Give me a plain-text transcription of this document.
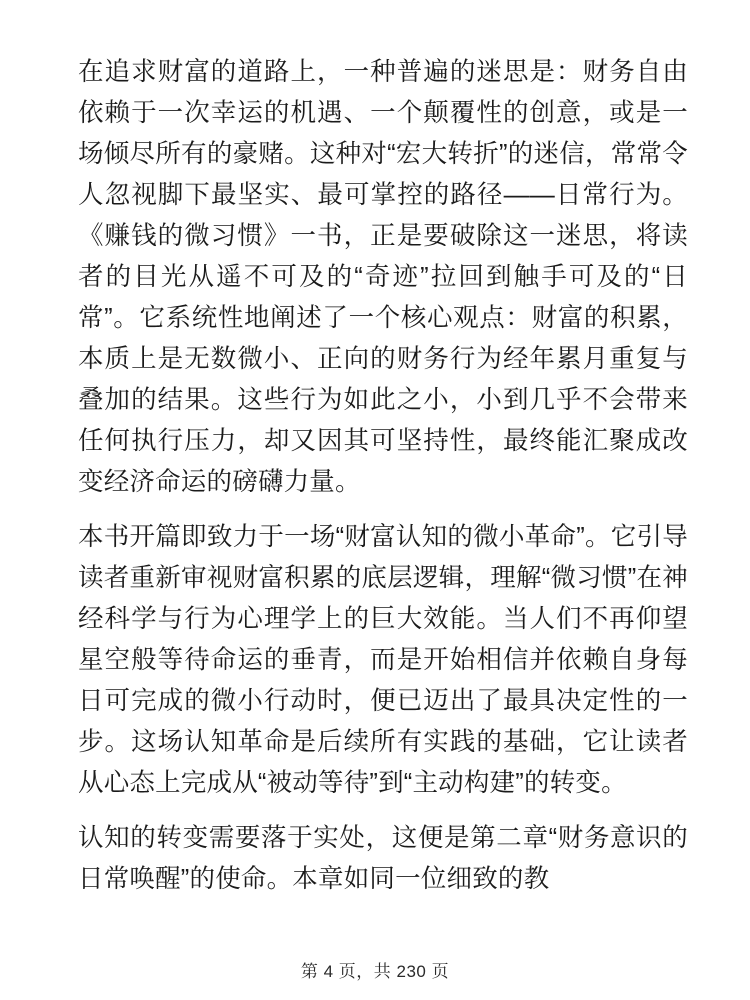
在追求财富的道路上，一种普遍的迷思是：财务自由依赖于一次幸运的机遇、一个颠覆性的创意，或是一场倾尽所有的豪赌。这种对“宏大转折”的迷信，常常令人忽视脚下最坚实、最可掌控的路径——日常行为。《赚钱的微习惯》一书，正是要破除这一迷思，将读者的目光从遥不可及的“奇迹”拉回到触手可及的“日常”。它系统性地阐述了一个核心观点：财富的积累，本质上是无数微小、正向的财务行为经年累月重复与叠加的结果。这些行为如此之小，小到几乎不会带来任何执行压力，却又因其可坚持性，最终能汇聚成改变经济命运的磅礴力量。

本书开篇即致力于一场“财富认知的微小革命”。它引导读者重新审视财富积累的底层逻辑，理解“微习惯”在神经科学与行为心理学上的巨大效能。当人们不再仰望星空般等待命运的垂青，而是开始相信并依赖自身每日可完成的微小行动时，便已迈出了最具决定性的一步。这场认知革命是后续所有实践的基础，它让读者从心态上完成从“被动等待”到“主动构建”的转变。

认知的转变需要落于实处，这便是第二章“财务意识的日常唤醒”的使命。本章如同一位细致的教

第 4 页，共 230 页
